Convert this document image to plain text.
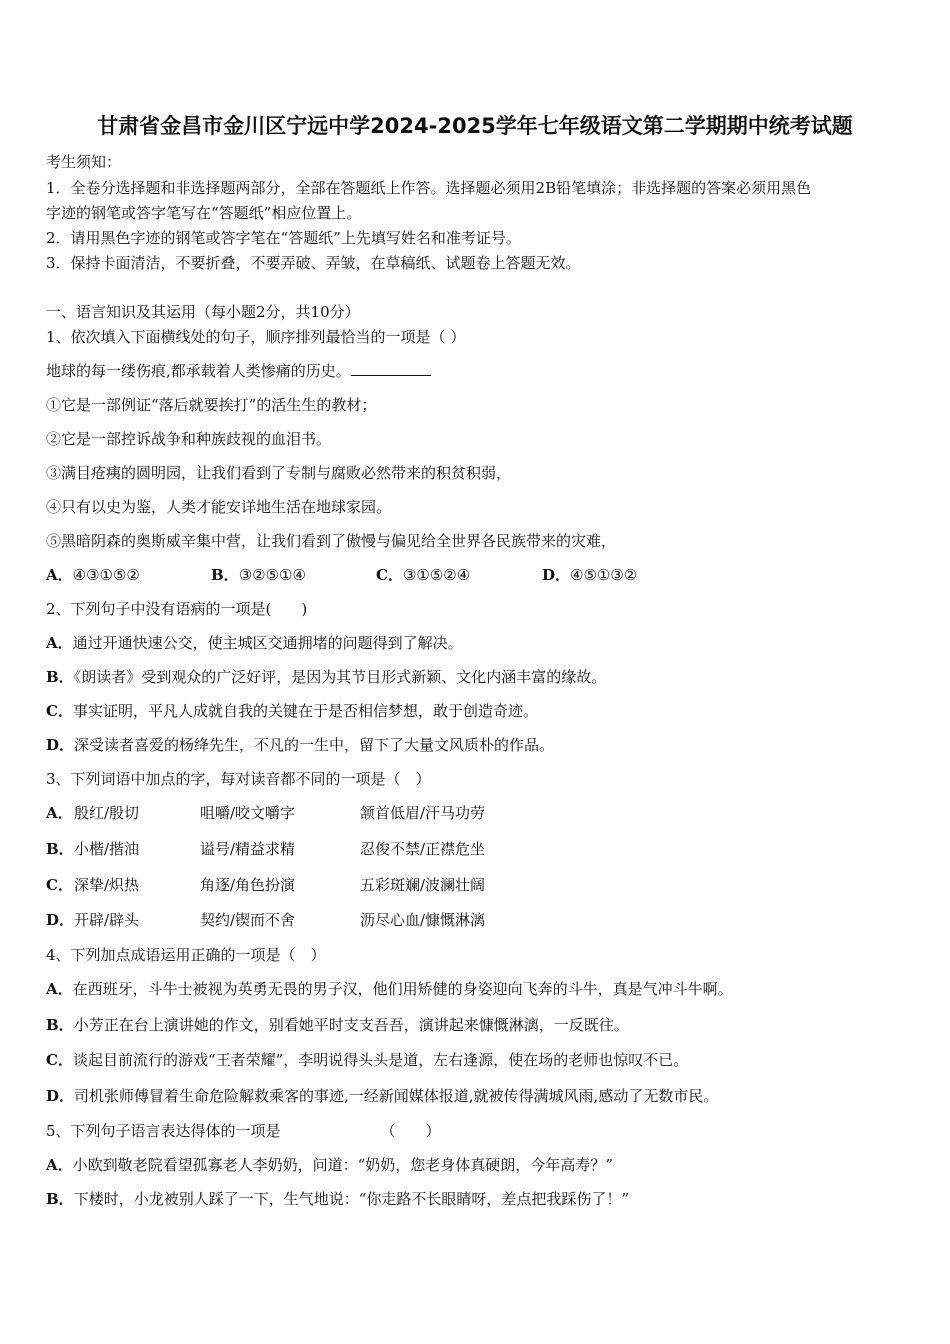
甘肃省金昌市金川区宁远中学2024-2025学年七年级语文第二学期期中统考试题
考生须知：
1．全卷分选择题和非选择题两部分，全部在答题纸上作答。选择题必须用2B铅笔填涂；非选择题的答案必须用黑色
字迹的钢笔或答字笔写在“答题纸”相应位置上。
2．请用黑色字迹的钢笔或答字笔在“答题纸”上先填写姓名和准考证号。
3．保持卡面清洁，不要折叠，不要弄破、弄皱，在草稿纸、试题卷上答题无效。
一、语言知识及其运用（每小题2分，共10分）
1、依次填入下面横线处的句子，顺序排列最恰当的一项是（ ）
地球的每一缕伤痕,都承载着人类惨痛的历史。
①它是一部例证“落后就要挨打”的活生生的教材；
②它是一部控诉战争和种族歧视的血泪书。
③满目疮痍的圆明园，让我们看到了专制与腐败必然带来的积贫积弱，
④只有以史为鉴，人类才能安详地生活在地球家园。
⑤黑暗阴森的奥斯威辛集中营，让我们看到了傲慢与偏见给全世界各民族带来的灾难，
A．④③①⑤②	B．③②⑤①④	C．③①⑤②④	D．④⑤①③②
2、下列句子中没有语病的一项是(　　)
A．通过开通快速公交，使主城区交通拥堵的问题得到了解决。
B．《朗读者》受到观众的广泛好评，是因为其节目形式新颖、文化内涵丰富的缘故。
C．事实证明，平凡人成就自我的关键在于是否相信梦想，敢于创造奇迹。
D．深受读者喜爱的杨绛先生，不凡的一生中，留下了大量文风质朴的作品。
3、下列词语中加点的字，每对读音都不同的一项是（　）
A． 殷红/殷切	咀嚼/咬文嚼字	颔首低眉/汗马功劳
B． 小楷/揩油	谥号/精益求精	忍俊不禁/正襟危坐
C． 深挚/炽热	角逐/角色扮演	五彩斑斓/波澜壮阔
D． 开辟/辟头	契约/锲而不舍	沥尽心血/慷慨淋漓
4、下列加点成语运用正确的一项是（　）
A．在西班牙，斗牛士被视为英勇无畏的男子汉，他们用矫健的身姿迎向飞奔的斗牛，真是气冲斗牛啊。
B．小芳正在台上演讲她的作文，别看她平时支支吾吾，演讲起来慷慨淋漓，一反既往。
C．谈起目前流行的游戏“王者荣耀”，李明说得头头是道，左右逢源，使在场的老师也惊叹不已。
D．司机张师傅冒着生命危险解救乘客的事迹,一经新闻媒体报道,就被传得满城风雨,感动了无数市民。
5、下列句子语言表达得体的一项是	（　　）
A．小欧到敬老院看望孤寡老人李奶奶，问道：“奶奶，您老身体真硬朗，今年高寿？”
B．下楼时，小龙被别人踩了一下，生气地说：“你走路不长眼睛呀，差点把我踩伤了！”
